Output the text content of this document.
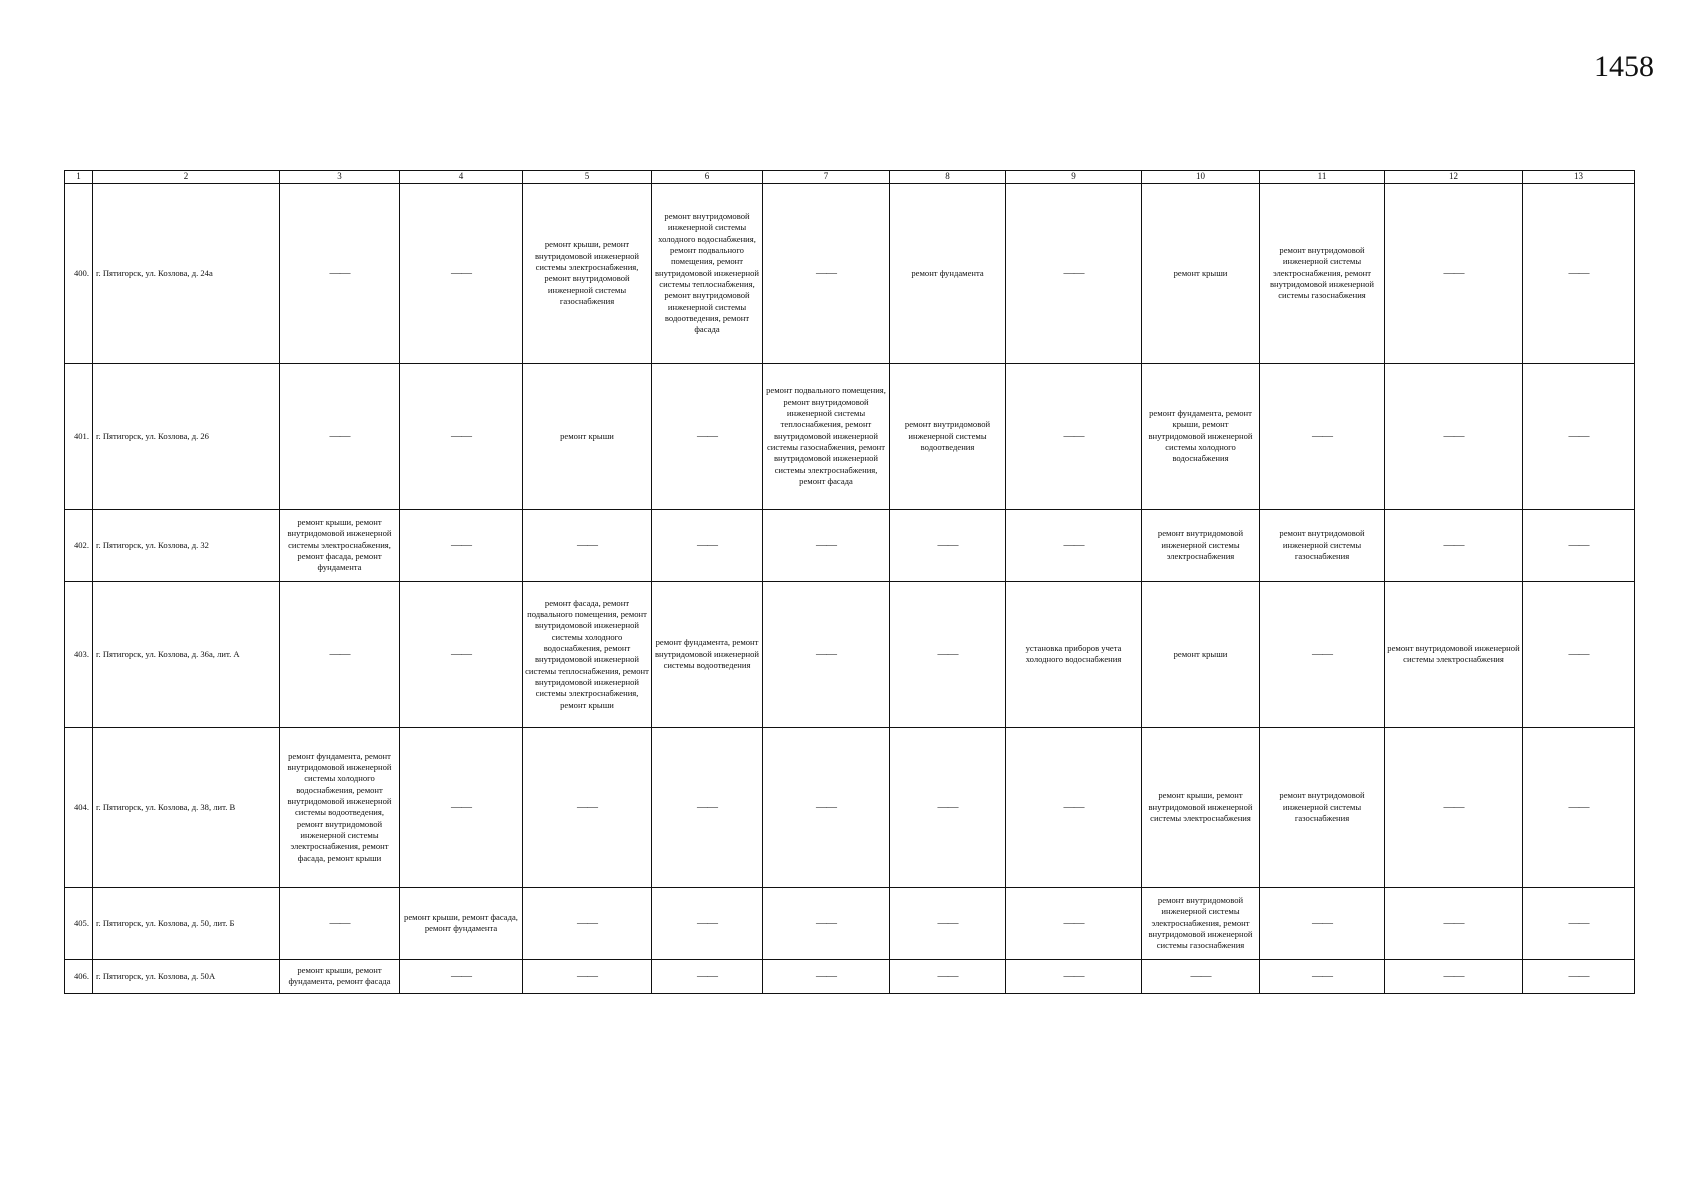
1458
1	2	3	4	5	6	7	8	9	10	11	12	13
400.	г. Пятигорск, ул. Козлова, д. 24а	——	——	ремонт крыши, ремонт внутридомовой инженерной системы электроснабжения, ремонт внутридомовой инженерной системы газоснабжения	ремонт внутридомовой инженерной системы холодного водоснабжения, ремонт подвального помещения, ремонт внутридомовой инженерной системы теплоснабжения, ремонт внутридомовой инженерной системы водоотведения, ремонт фасада	——	ремонт фундамента	——	ремонт крыши	ремонт внутридомовой инженерной системы электроснабжения, ремонт внутридомовой инженерной системы газоснабжения	——	——
401.	г. Пятигорск, ул. Козлова, д. 26	——	——	ремонт крыши	——	ремонт подвального помещения, ремонт внутридомовой инженерной системы теплоснабжения, ремонт внутридомовой инженерной системы газоснабжения, ремонт внутридомовой инженерной системы электроснабжения, ремонт фасада	ремонт внутридомовой инженерной системы водоотведения	——	ремонт фундамента, ремонт крыши, ремонт внутридомовой инженерной системы холодного водоснабжения	——	——	——
402.	г. Пятигорск, ул. Козлова, д. 32	ремонт крыши, ремонт внутридомовой инженерной системы электроснабжения, ремонт фасада, ремонт фундамента	——	——	——	——	——	——	ремонт внутридомовой инженерной системы электроснабжения	ремонт внутридомовой инженерной системы газоснабжения	——	——
403.	г. Пятигорск, ул. Козлова, д. 36а, лит. А	——	——	ремонт фасада, ремонт подвального помещения, ремонт внутридомовой инженерной системы холодного водоснабжения, ремонт внутридомовой инженерной системы теплоснабжения, ремонт внутридомовой инженерной системы электроснабжения, ремонт крыши	ремонт фундамента, ремонт внутридомовой инженерной системы водоотведения	——	——	установка приборов учета холодного водоснабжения	ремонт крыши	——	ремонт внутридомовой инженерной системы электроснабжения	——
404.	г. Пятигорск, ул. Козлова, д. 38, лит. В	ремонт фундамента, ремонт внутридомовой инженерной системы холодного водоснабжения, ремонт внутридомовой инженерной системы водоотведения, ремонт внутридомовой инженерной системы электроснабжения, ремонт фасада, ремонт крыши	——	——	——	——	——	——	ремонт крыши, ремонт внутридомовой инженерной системы электроснабжения	ремонт внутридомовой инженерной системы газоснабжения	——	——
405.	г. Пятигорск, ул. Козлова, д. 50, лит. Б	——	ремонт крыши, ремонт фасада, ремонт фундамента	——	——	——	——	——	ремонт внутридомовой инженерной системы электроснабжения, ремонт внутридомовой инженерной системы газоснабжения	——	——	——
406.	г. Пятигорск, ул. Козлова, д. 50А	ремонт крыши, ремонт фундамента, ремонт фасада	——	——	——	——	——	——	——	——	——	——
